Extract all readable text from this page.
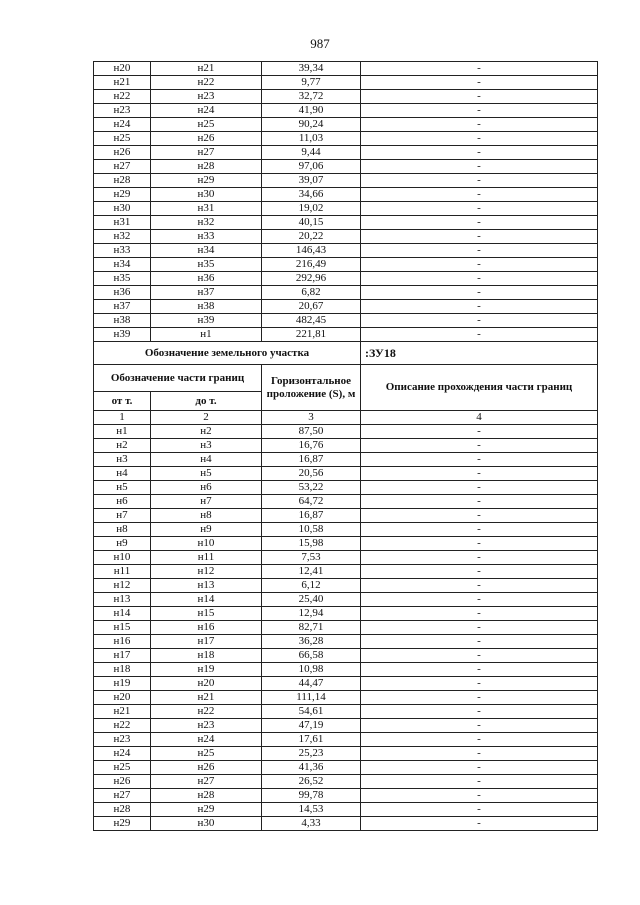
987
н20	н21	39,34	-
н21	н22	9,77	-
н22	н23	32,72	-
н23	н24	41,90	-
н24	н25	90,24	-
н25	н26	11,03	-
н26	н27	9,44	-
н27	н28	97,06	-
н28	н29	39,07	-
н29	н30	34,66	-
н30	н31	19,02	-
н31	н32	40,15	-
н32	н33	20,22	-
н33	н34	146,43	-
н34	н35	216,49	-
н35	н36	292,96	-
н36	н37	6,82	-
н37	н38	20,67	-
н38	н39	482,45	-
н39	н1	221,81	-
Обозначение земельного участка			:ЗУ18
Обозначение части границ		Горизонтальное проложение (S), м	Описание прохождения части границ
от т.	до т.		
1	2	3	4
н1	н2	87,50	-
н2	н3	16,76	-
н3	н4	16,87	-
н4	н5	20,56	-
н5	н6	53,22	-
н6	н7	64,72	-
н7	н8	16,87	-
н8	н9	10,58	-
н9	н10	15,98	-
н10	н11	7,53	-
н11	н12	12,41	-
н12	н13	6,12	-
н13	н14	25,40	-
н14	н15	12,94	-
н15	н16	82,71	-
н16	н17	36,28	-
н17	н18	66,58	-
н18	н19	10,98	-
н19	н20	44,47	-
н20	н21	111,14	-
н21	н22	54,61	-
н22	н23	47,19	-
н23	н24	17,61	-
н24	н25	25,23	-
н25	н26	41,36	-
н26	н27	26,52	-
н27	н28	99,78	-
н28	н29	14,53	-
н29	н30	4,33	-
